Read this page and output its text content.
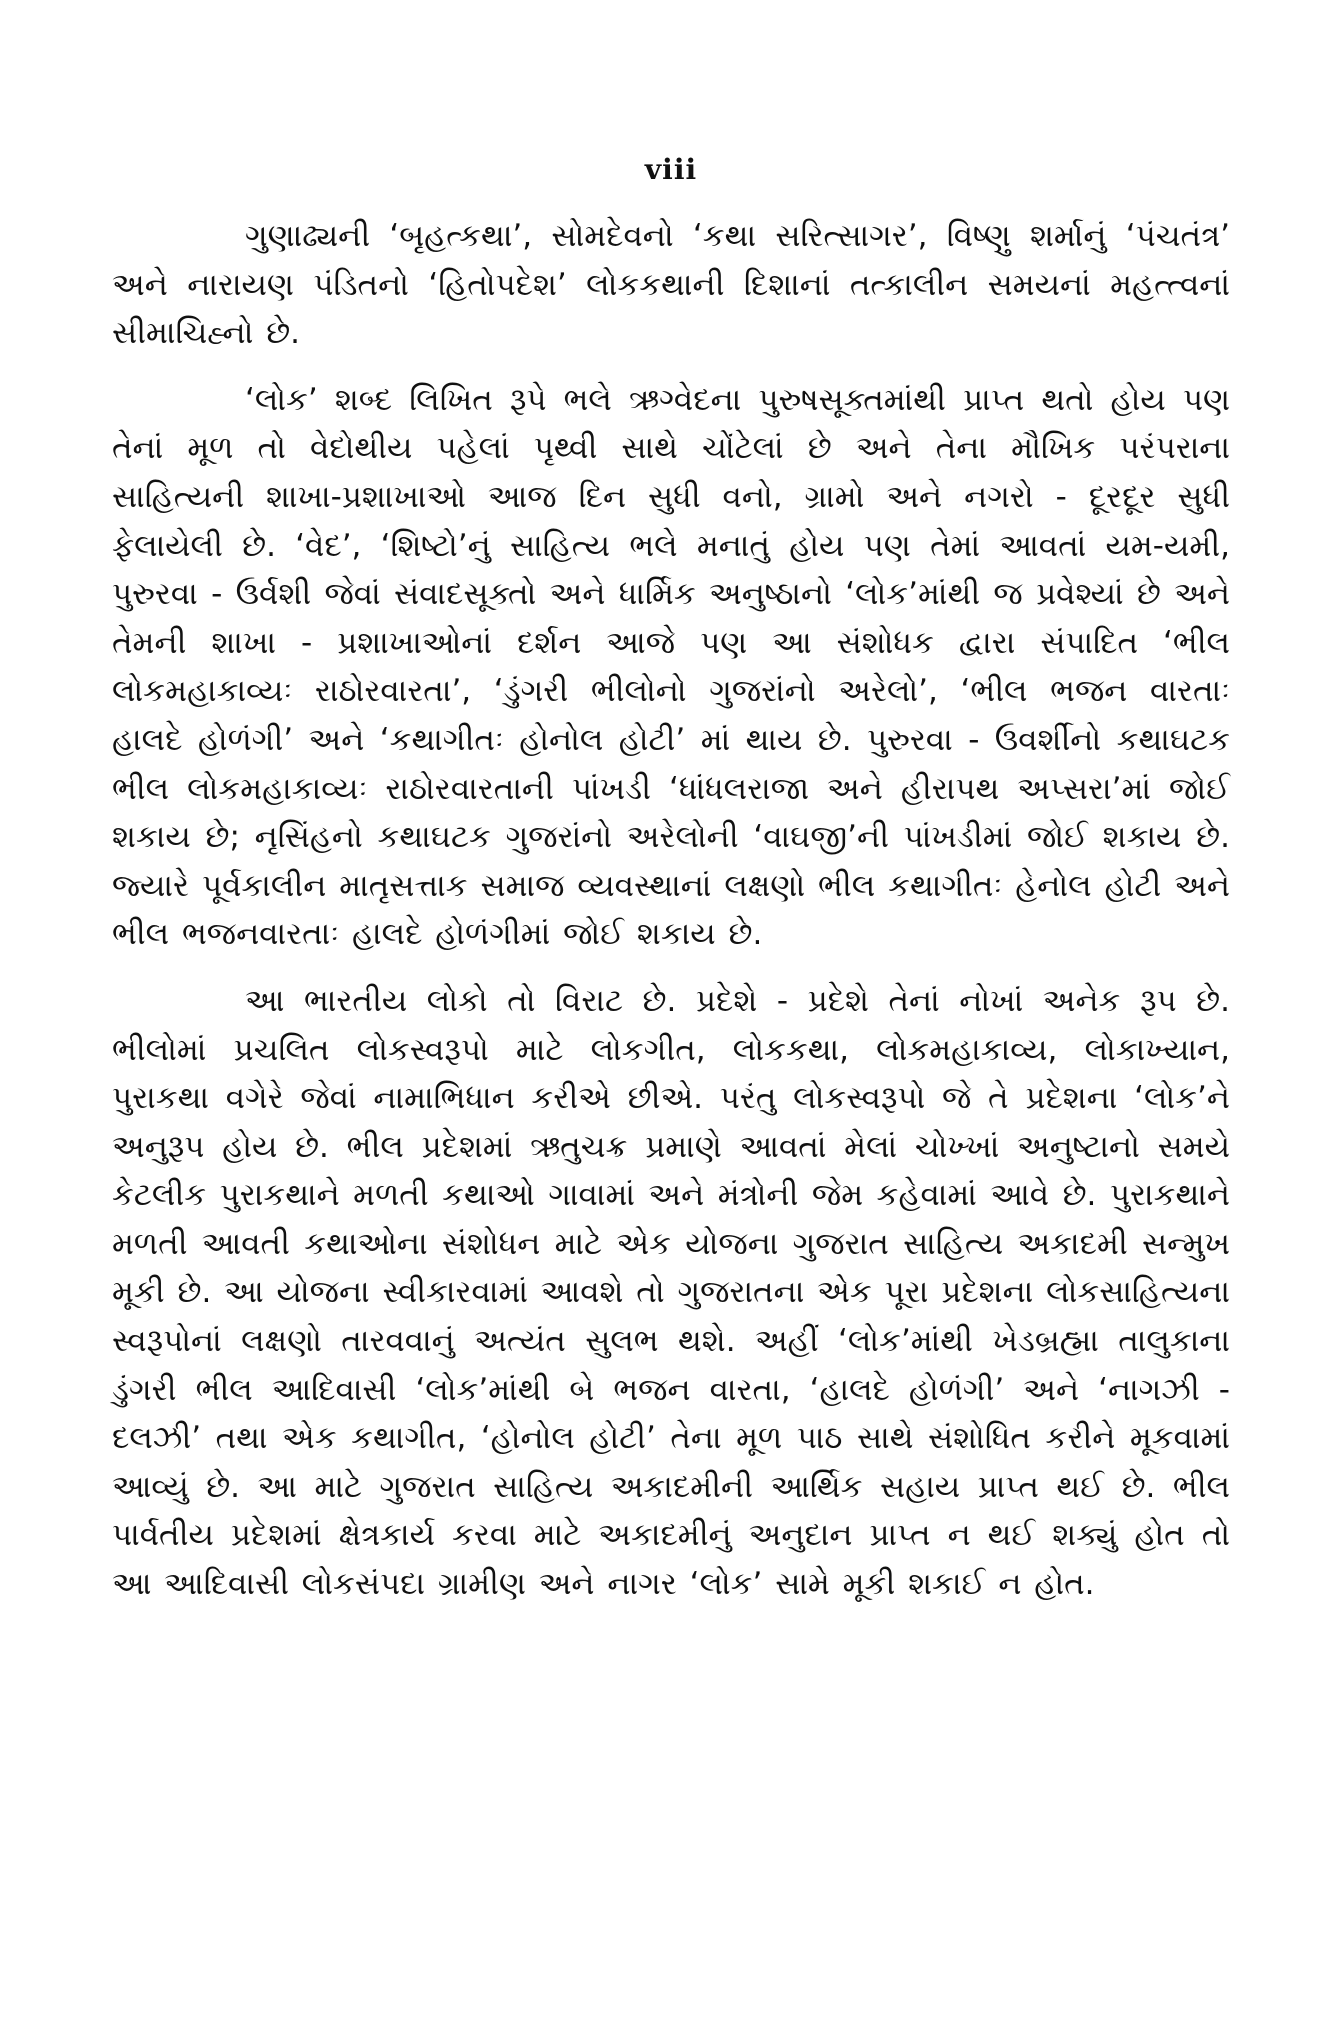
viii

ગુણાઢ્યની ‘બૃહત્કથા’, સોમદેવનો ‘કથા સરિત્સાગર’, વિષ્ણુ શર્માનું ‘પંચતંત્ર’ અને નારાયણ પંડિતનો ‘હિતોપદેશ’ લોકકથાની દિશાનાં તત્કાલીન સમયનાં મહત્ત્વનાં સીમાચિહ્નો છે.

‘લોક’ શબ્દ લિખિત રૂપે ભલે ઋગ્વેદના પુરુષસૂક્તમાંથી પ્રાપ્ત થતો હોય પણ તેનાં મૂળ તો વેદોથીય પહેલાં પૃથ્વી સાથે ચોંટેલાં છે અને તેના મૌખિક પરંપરાના સાહિત્યની શાખા-પ્રશાખાઓ આજ દિન સુધી વનો, ગ્રામો અને નગરો - દૂરદૂર સુધી ફેલાયેલી છે. ‘વેદ’, ‘શિષ્ટો’નું સાહિત્ય ભલે મનાતું હોય પણ તેમાં આવતાં યમ-યમી, પુરુરવા - ઉર્વશી જેવાં સંવાદસૂક્તો અને ધાર્મિક અનુષ્ઠાનો ‘લોક’માંથી જ પ્રવેશ્યાં છે અને તેમની શાખા - પ્રશાખાઓનાં દર્શન આજે પણ આ સંશોધક દ્વારા સંપાદિત ‘ભીલ લોકમહાકાવ્યઃ રાઠોરવારતા’, ‘ડુંગરી ભીલોનો ગુજરાંનો અરેલો’, ‘ભીલ ભજન વારતાઃ હાલદે હોળંગી’ અને ‘કથાગીતઃ હોનોલ હોટી’ માં થાય છે. પુરુરવા - ઉવર્શીનો કથાઘટક ભીલ લોકમહાકાવ્યઃ રાઠોરવારતાની પાંખડી ‘ધાંધલરાજા અને હીરાપથ અપ્સરા’માં જોઈ શકાય છે; નૃસિંહનો કથાઘટક ગુજરાંનો અરેલોની ‘વાઘજી’ની પાંખડીમાં જોઈ શકાય છે. જ્યારે પૂર્વકાલીન માતૃસત્તાક સમાજ વ્યવસ્થાનાં લક્ષણો ભીલ કથાગીતઃ હેનોલ હોટી અને ભીલ ભજનવારતાઃ હાલદે હોળંગીમાં જોઈ શકાય છે.

આ ભારતીય લોકો તો વિરાટ છે. પ્રદેશે - પ્રદેશે તેનાં નોખાં અનેક રૂપ છે. ભીલોમાં પ્રચલિત લોકસ્વરૂપો માટે લોકગીત, લોકકથા, લોકમહાકાવ્ય, લોકાખ્યાન, પુરાકથા વગેરે જેવાં નામાભિધાન કરીએ છીએ. પરંતુ લોકસ્વરૂપો જે તે પ્રદેશના ‘લોક’ને અનુરૂપ હોય છે. ભીલ પ્રદેશમાં ઋતુચક્ર પ્રમાણે આવતાં મેલાં ચોખ્ખાં અનુષ્ટાનો સમયે કેટલીક પુરાકથાને મળતી કથાઓ ગાવામાં અને મંત્રોની જેમ કહેવામાં આવે છે. પુરાકથાને મળતી આવતી કથાઓના સંશોધન માટે એક યોજના ગુજરાત સાહિત્ય અકાદમી સન્મુખ મૂકી છે. આ યોજના સ્વીકારવામાં આવશે તો ગુજરાતના એક પૂરા પ્રદેશના લોકસાહિત્યના સ્વરૂપોનાં લક્ષણો તારવવાનું અત્યંત સુલભ થશે. અહીં ‘લોક’માંથી ખેડબ્રહ્મા તાલુકાના ડુંગરી ભીલ આદિવાસી ‘લોક’માંથી બે ભજન વારતા, ‘હાલદે હોળંગી’ અને ‘નાગઝી - દલઝી’ તથા એક કથાગીત, ‘હોનોલ હોટી’ તેના મૂળ પાઠ સાથે સંશોધિત કરીને મૂકવામાં આવ્યું છે. આ માટે ગુજરાત સાહિત્ય અકાદમીની આર્થિક સહાય પ્રાપ્ત થઈ છે. ભીલ પાર્વતીય પ્રદેશમાં ક્ષેત્રકાર્ય કરવા માટે અકાદમીનું અનુદાન પ્રાપ્ત ન થઈ શક્યું હોત તો આ આદિવાસી લોકસંપદા ગ્રામીણ અને નાગર ‘લોક’ સામે મૂકી શકાઈ ન હોત.
